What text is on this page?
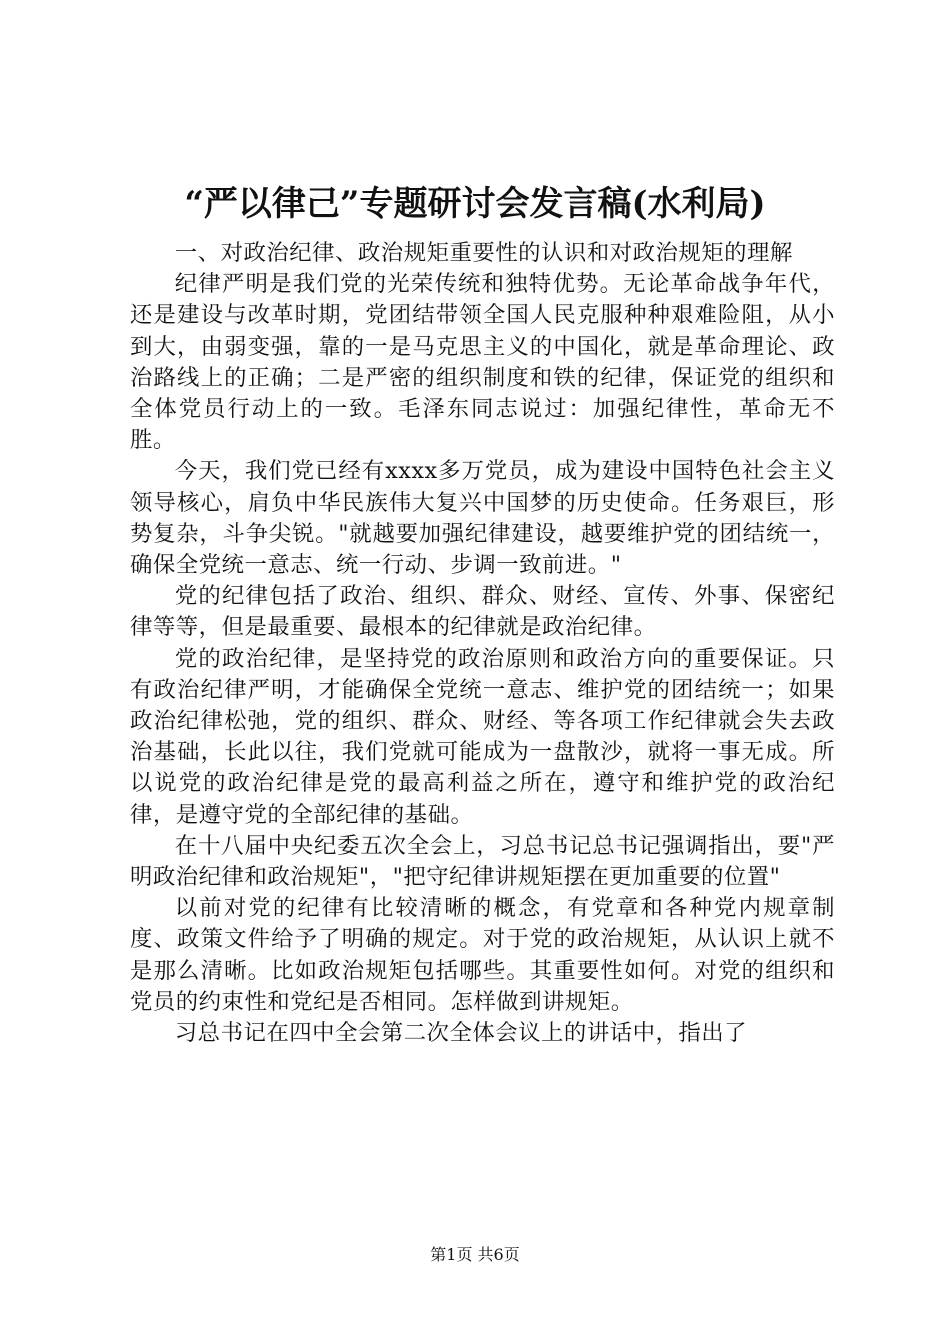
“严以律己”专题研讨会发言稿(水利局)

一、对政治纪律、政治规矩重要性的认识和对政治规矩的理解

纪律严明是我们党的光荣传统和独特优势。无论革命战争年代，还是建设与改革时期，党团结带领全国人民克服种种艰难险阻，从小到大，由弱变强，靠的一是马克思主义的中国化，就是革命理论、政治路线上的正确；二是严密的组织制度和铁的纪律，保证党的组织和全体党员行动上的一致。毛泽东同志说过：加强纪律性，革命无不胜。

今天，我们党已经有xxxx多万党员，成为建设中国特色社会主义领导核心，肩负中华民族伟大复兴中国梦的历史使命。任务艰巨，形势复杂，斗争尖锐。"就越要加强纪律建设，越要维护党的团结统一，确保全党统一意志、统一行动、步调一致前进。"

党的纪律包括了政治、组织、群众、财经、宣传、外事、保密纪律等等，但是最重要、最根本的纪律就是政治纪律。

党的政治纪律，是坚持党的政治原则和政治方向的重要保证。只有政治纪律严明，才能确保全党统一意志、维护党的团结统一；如果政治纪律松弛，党的组织、群众、财经、等各项工作纪律就会失去政治基础，长此以往，我们党就可能成为一盘散沙，就将一事无成。所以说党的政治纪律是党的最高利益之所在，遵守和维护党的政治纪律，是遵守党的全部纪律的基础。

在十八届中央纪委五次全会上，习总书记总书记强调指出，要"严明政治纪律和政治规矩"，"把守纪律讲规矩摆在更加重要的位置"

以前对党的纪律有比较清晰的概念，有党章和各种党内规章制度、政策文件给予了明确的规定。对于党的政治规矩，从认识上就不是那么清晰。比如政治规矩包括哪些。其重要性如何。对党的组织和党员的约束性和党纪是否相同。怎样做到讲规矩。

习总书记在四中全会第二次全体会议上的讲话中，指出了

第1页 共6页
